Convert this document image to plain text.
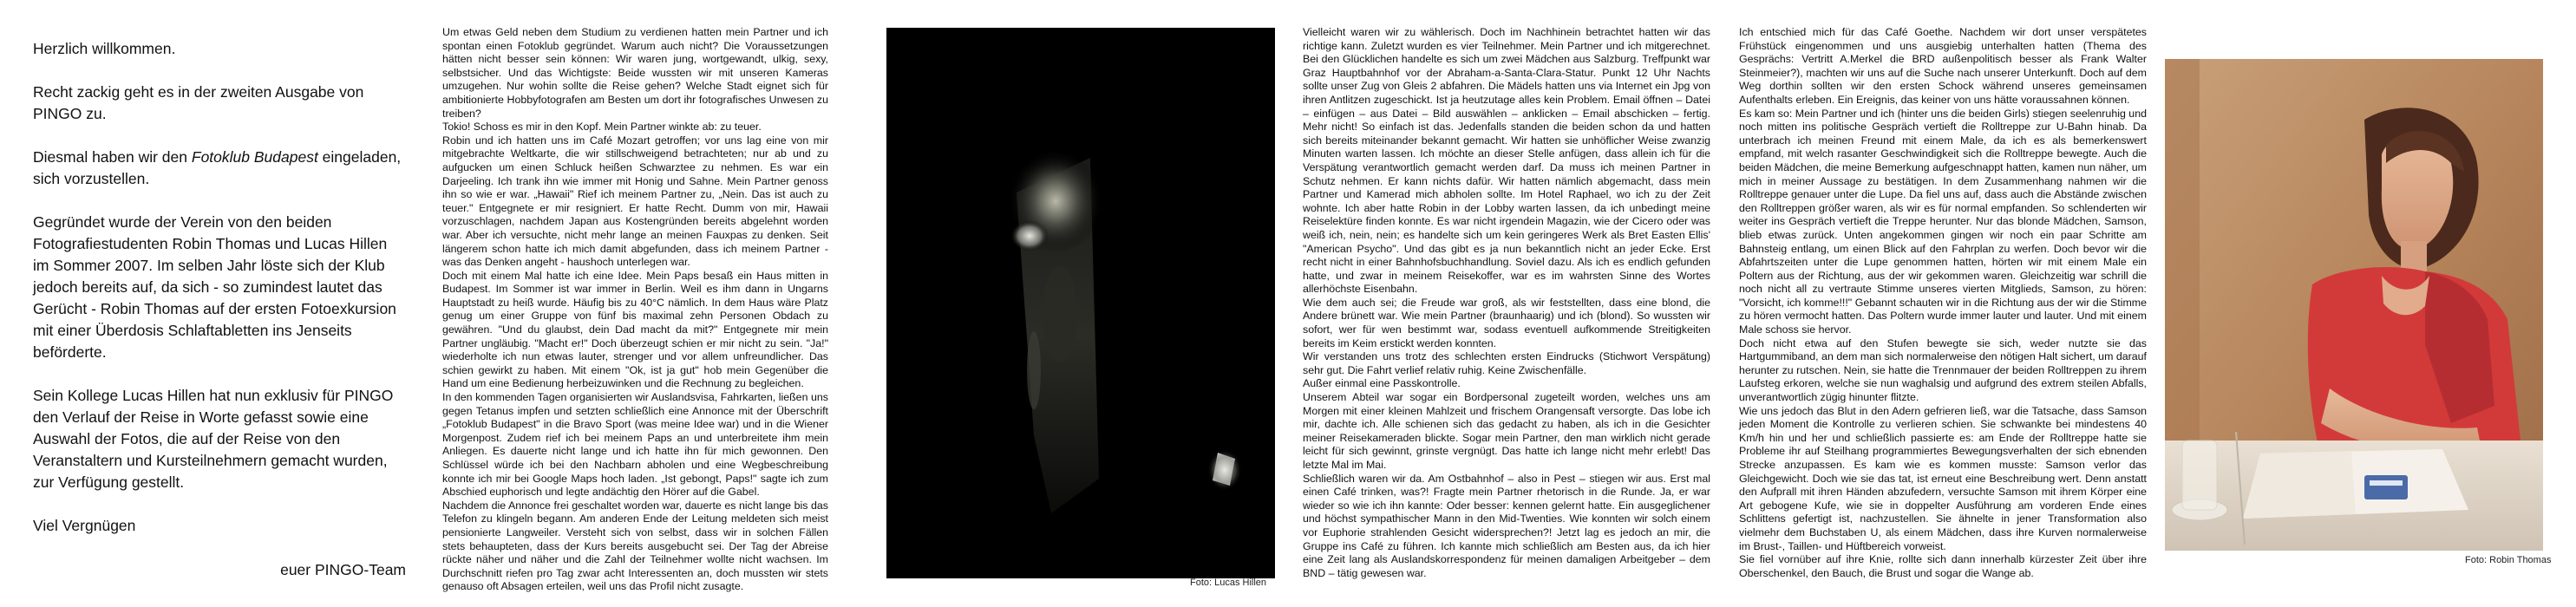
Herzlich willkommen.

Recht zackig geht es in der zweiten Ausgabe von PINGO zu.

Diesmal haben wir den Fotoklub Budapest eingeladen, sich vorzustellen.

Gegründet wurde der Verein von den beiden Fotografiestudenten Robin Thomas und Lucas Hillen im Sommer 2007. Im selben Jahr löste sich der Klub jedoch bereits auf, da sich - so zumindest lautet das Gerücht - Robin Thomas auf der ersten Fotoexkursion mit einer Überdosis Schlaftabletten ins Jenseits beförderte.

Sein Kollege Lucas Hillen hat nun exklusiv für PINGO den Verlauf der Reise in Worte gefasst sowie eine Auswahl der Fotos, die auf der Reise von den Veranstaltern und Kursteilnehmern gemacht wurden, zur Verfügung gestellt.

Viel Vergnügen

euer PINGO-Team

Um etwas Geld neben dem Studium zu verdienen hatten mein Partner und ich spontan einen Fotoklub gegründet. Warum auch nicht? Die Voraussetzungen hätten nicht besser sein können: Wir waren jung, wortgewandt, ulkig, sexy, selbstsicher. Und das Wichtigste: Beide wussten wir mit unseren Kameras umzugehen. Nur wohin sollte die Reise gehen? Welche Stadt eignet sich für ambitionierte Hobbyfotografen am Besten um dort ihr fotografisches Unwesen zu treiben?

Tokio! Schoss es mir in den Kopf. Mein Partner winkte ab: zu teuer.

Robin und ich hatten uns im Café Mozart getroffen; vor uns lag eine von mir mitgebrachte Weltkarte, die wir stillschweigend betrachteten; nur ab und zu aufgucken um einen Schluck heißen Schwarztee zu nehmen. Es war ein Darjeeling. Ich trank ihn wie immer mit Honig und Sahne. Mein Partner genoss ihn so wie er war. „Hawaii" Rief ich meinem Partner zu, „Nein. Das ist auch zu teuer." Entgegnete er mir resigniert. Er hatte Recht. Dumm von mir, Hawaii vorzuschlagen, nachdem Japan aus Kostengründen bereits abgelehnt worden war. Aber ich versuchte, nicht mehr lange an meinen Fauxpas zu denken. Seit längerem schon hatte ich mich damit abgefunden, dass ich meinem Partner - was das Denken angeht - haushoch unterlegen war.

Doch mit einem Mal hatte ich eine Idee. Mein Paps besaß ein Haus mitten in Budapest. Im Sommer ist war immer in Berlin. Weil es ihm dann in Ungarns Hauptstadt zu heiß wurde. Häufig bis zu 40°C nämlich. In dem Haus wäre Platz genug um einer Gruppe von fünf bis maximal zehn Personen Obdach zu gewähren. "Und du glaubst, dein Dad macht da mit?" Entgegnete mir mein Partner ungläubig. "Macht er!" Doch überzeugt schien er mir nicht zu sein. "Ja!" wiederholte ich nun etwas lauter, strenger und vor allem unfreundlicher. Das schien gewirkt zu haben. Mit einem "Ok, ist ja gut" hob mein Gegenüber die Hand um eine Bedienung herbeizuwinken und die Rechnung zu begleichen.

In den kommenden Tagen organisierten wir Auslandsvisa, Fahrkarten, ließen uns gegen Tetanus impfen und setzten schließlich eine Annonce mit der Überschrift „Fotoklub Budapest" in die Bravo Sport (was meine Idee war) und in die Wiener Morgenpost. Zudem rief ich bei meinem Paps an und unterbreitete ihm mein Anliegen. Es dauerte nicht lange und ich hatte ihn für mich gewonnen. Den Schlüssel würde ich bei den Nachbarn abholen und eine Wegbeschreibung konnte ich mir bei Google Maps hoch laden. „Ist gebongt, Paps!" sagte ich zum Abschied euphorisch und legte andächtig den Hörer auf die Gabel.

Nachdem die Annonce frei geschaltet worden war, dauerte es nicht lange bis das Telefon zu klingeln begann. Am anderen Ende der Leitung meldeten sich meist pensionierte Langweiler. Versteht sich von selbst, dass wir in solchen Fällen stets behaupteten, dass der Kurs bereits ausgebucht sei. Der Tag der Abreise rückte näher und näher und die Zahl der Teilnehmer wollte nicht wachsen. Im Durchschnitt riefen pro Tag zwar acht Interessenten an, doch mussten wir stets genauso oft Absagen erteilen, weil uns das Profil nicht zusagte.	Foto: Lucas Hillen

Vielleicht waren wir zu wählerisch. Doch im Nachhinein betrachtet hatten wir das richtige kann. Zuletzt wurden es vier Teilnehmer. Mein Partner und ich mitgerechnet. Bei den Glücklichen handelte es sich um zwei Mädchen aus Salzburg. Treffpunkt war Graz Hauptbahnhof vor der Abraham-a-Santa-Clara-Statur. Punkt 12 Uhr Nachts sollte unser Zug von Gleis 2 abfahren. Die Mädels hatten uns via Internet ein Jpg von ihren Antlitzen zugeschickt. Ist ja heutzutage alles kein Problem. Email öffnen – Datei – einfügen – aus Datei – Bild auswählen – anklicken – Email abschicken – fertig. Mehr nicht! So einfach ist das. Jedenfalls standen die beiden schon da und hatten sich bereits miteinander bekannt gemacht. Wir hatten sie unhöflicher Weise zwanzig Minuten warten lassen. Ich möchte an dieser Stelle anfügen, dass allein ich für die Verspätung verantwortlich gemacht werden darf. Da muss ich meinen Partner in Schutz nehmen. Er kann nichts dafür. Wir hatten nämlich abgemacht, dass mein Partner und Kamerad mich abholen sollte. Im Hotel Raphael, wo ich zu der Zeit wohnte. Ich aber hatte Robin in der Lobby warten lassen, da ich unbedingt meine Reiselektüre finden konnte. Es war nicht irgendein Magazin, wie der Cicero oder was weiß ich, nein, nein; es handelte sich um kein geringeres Werk als Bret Easten Ellis' "American Psycho". Und das gibt es ja nun bekanntlich nicht an jeder Ecke. Erst recht nicht in einer Bahnhofsbuchhandlung. Soviel dazu. Als ich es endlich gefunden hatte, und zwar in meinem Reisekoffer, war es im wahrsten Sinne des Wortes allerhöchste Eisenbahn.

Wie dem auch sei; die Freude war groß, als wir feststellten, dass eine blond, die Andere brünett war. Wie mein Partner (braunhaarig) und ich (blond). So wussten wir sofort, wer für wen bestimmt war, sodass eventuell aufkommende Streitigkeiten bereits im Keim erstickt werden konnten.

Wir verstanden uns trotz des schlechten ersten Eindrucks (Stichwort Verspätung) sehr gut. Die Fahrt verlief relativ ruhig. Keine Zwischenfälle.

Außer einmal eine Passkontrolle.

Unserem Abteil war sogar ein Bordpersonal zugeteilt worden, welches uns am Morgen mit einer kleinen Mahlzeit und frischem Orangensaft versorgte. Das lobe ich mir, dachte ich. Alle schienen sich das gedacht zu haben, als ich in die Gesichter meiner Reisekameraden blickte. Sogar mein Partner, den man wirklich nicht gerade leicht für sich gewinnt, grinste vergnügt. Das hatte ich lange nicht mehr erlebt! Das letzte Mal im Mai.

Schließlich waren wir da. Am Ostbahnhof – also in Pest – stiegen wir aus. Erst mal einen Café trinken, was?! Fragte mein Partner rhetorisch in die Runde. Ja, er war wieder so wie ich ihn kannte: Oder besser: kennen gelernt hatte. Ein ausgeglichener und höchst sympathischer Mann in den Mid-Twenties. Wie konnten wir solch einem vor Euphorie strahlenden Gesicht widersprechen?! Jetzt lag es jedoch an mir, die Gruppe ins Café zu führen. Ich kannte mich schließlich am Besten aus, da ich hier eine Zeit lang als Auslandskorrespondenz für meinen damaligen Arbeitgeber – dem BND – tätig gewesen war.

Ich entschied mich für das Café Goethe. Nachdem wir dort unser verspätetes Frühstück eingenommen und uns ausgiebig unterhalten hatten (Thema des Gesprächs: Vertritt A.Merkel die BRD außenpolitisch besser als Frank Walter Steinmeier?), machten wir uns auf die Suche nach unserer Unterkunft. Doch auf dem Weg dorthin sollten wir den ersten Schock während unseres gemeinsamen Aufenthalts erleben. Ein Ereignis, das keiner von uns hätte voraussahnen können.

Es kam so: Mein Partner und ich (hinter uns die beiden Girls) stiegen seelenruhig und noch mitten ins politische Gespräch vertieft die Rolltreppe zur U-Bahn hinab. Da unterbrach ich meinen Freund mit einem Male, da ich es als bemerkenswert empfand, mit welch rasanter Geschwindigkeit sich die Rolltreppe bewegte. Auch die beiden Mädchen, die meine Bemerkung aufgeschnappt hatten, kamen nun näher, um mich in meiner Aussage zu bestätigen. In dem Zusammenhang nahmen wir die Rolltreppe genauer unter die Lupe. Da fiel uns auf, dass auch die Abstände zwischen den Rolltreppen größer waren, als wir es für normal empfanden. So schlenderten wir weiter ins Gespräch vertieft die Treppe herunter. Nur das blonde Mädchen, Samson, blieb etwas zurück. Unten angekommen gingen wir noch ein paar Schritte am Bahnsteig entlang, um einen Blick auf den Fahrplan zu werfen. Doch bevor wir die Abfahrtszeiten unter die Lupe genommen hatten, hörten wir mit einem Male ein Poltern aus der Richtung, aus der wir gekommen waren. Gleichzeitig war schrill die noch nicht all zu vertraute Stimme unseres vierten Mitglieds, Samson, zu hören: "Vorsicht, ich komme!!!" Gebannt schauten wir in die Richtung aus der wir die Stimme zu hören vermocht hatten. Das Poltern wurde immer lauter und lauter. Und mit einem Male schoss sie hervor.

Doch nicht etwa auf den Stufen bewegte sie sich, weder nutzte sie das Hartgummiband, an dem man sich normalerweise den nötigen Halt sichert, um darauf herunter zu rutschen. Nein, sie hatte die Trennmauer der beiden Rolltreppen zu ihrem Laufsteg erkoren, welche sie nun waghalsig und aufgrund des extrem steilen Abfalls, unverantwortlich zügig hinunter flitzte.

Wie uns jedoch das Blut in den Adern gefrieren ließ, war die Tatsache, dass Samson jeden Moment die Kontrolle zu verlieren schien. Sie schwankte bei mindestens 40 Km/h hin und her und schließlich passierte es: am Ende der Rolltreppe hatte sie Probleme ihr auf Steilhang programmiertes Bewegungsverhalten der sich ebnenden Strecke anzupassen. Es kam wie es kommen musste: Samson verlor das Gleichgewicht. Doch wie sie das tat, ist erneut eine Beschreibung wert. Denn anstatt den Aufprall mit ihren Händen abzufedern, versuchte Samson mit ihrem Körper eine Art gebogene Kufe, wie sie in doppelter Ausführung am vorderen Ende eines Schlittens gefertigt ist, nachzustellen. Sie ähnelte in jener Transformation also vielmehr dem Buchstaben U, als einem Mädchen, dass ihre Kurven normalerweise im Brust-, Taillen- und Hüftbereich vorweist.

Sie fiel vornüber auf ihre Knie, rollte sich dann innerhalb kürzester Zeit über ihre Oberschenkel, den Bauch, die Brust und sogar die Wange ab.

Foto: Robin Thomas
